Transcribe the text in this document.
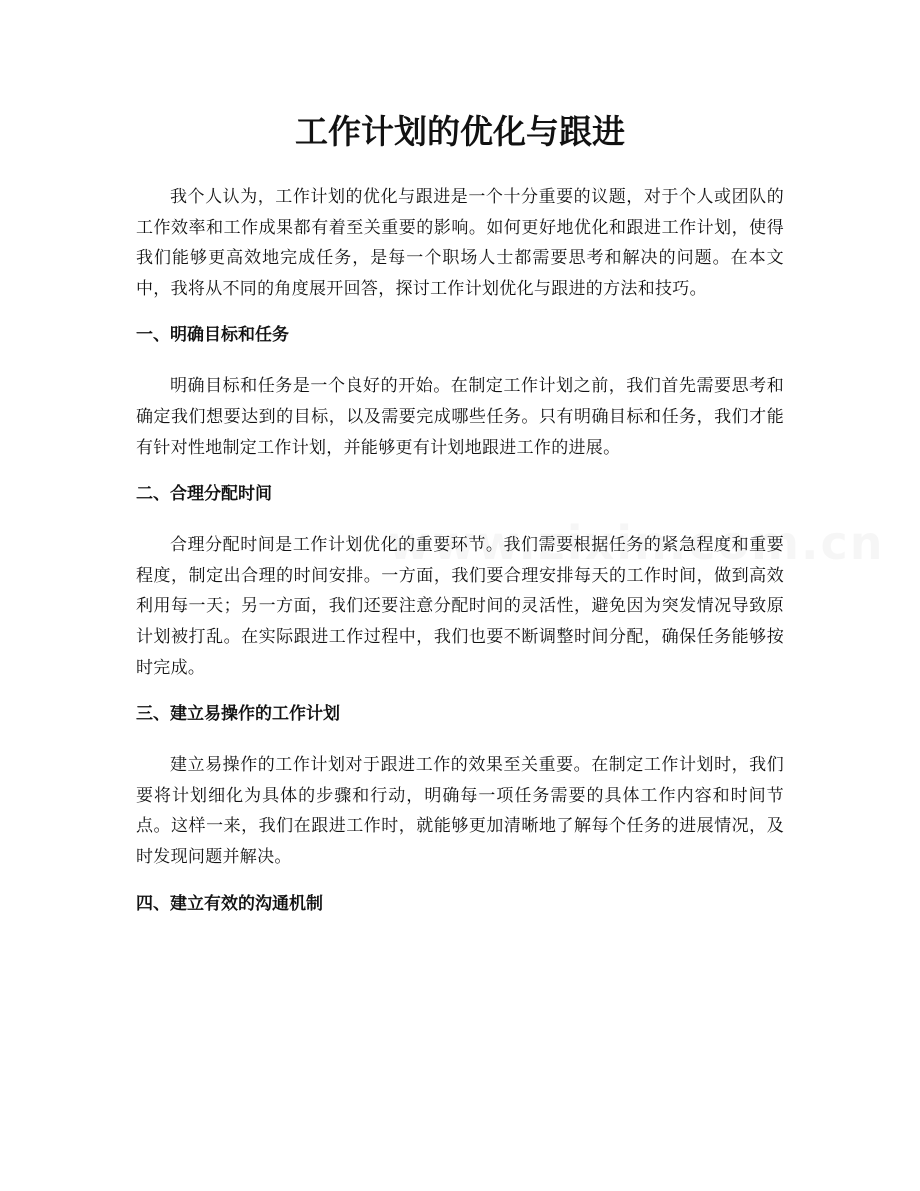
工作计划的优化与跟进

我个人认为，工作计划的优化与跟进是一个十分重要的议题，对于个人或团队的工作效率和工作成果都有着至关重要的影响。如何更好地优化和跟进工作计划，使得我们能够更高效地完成任务，是每一个职场人士都需要思考和解决的问题。在本文中，我将从不同的角度展开回答，探讨工作计划优化与跟进的方法和技巧。

一、明确目标和任务

明确目标和任务是一个良好的开始。在制定工作计划之前，我们首先需要思考和确定我们想要达到的目标，以及需要完成哪些任务。只有明确目标和任务，我们才能有针对性地制定工作计划，并能够更有计划地跟进工作的进展。

二、合理分配时间

合理分配时间是工作计划优化的重要环节。我们需要根据任务的紧急程度和重要程度，制定出合理的时间安排。一方面，我们要合理安排每天的工作时间，做到高效利用每一天；另一方面，我们还要注意分配时间的灵活性，避免因为突发情况导致原计划被打乱。在实际跟进工作过程中，我们也要不断调整时间分配，确保任务能够按时完成。

三、建立易操作的工作计划

建立易操作的工作计划对于跟进工作的效果至关重要。在制定工作计划时，我们要将计划细化为具体的步骤和行动，明确每一项任务需要的具体工作内容和时间节点。这样一来，我们在跟进工作时，就能够更加清晰地了解每个任务的进展情况，及时发现问题并解决。

四、建立有效的沟通机制
